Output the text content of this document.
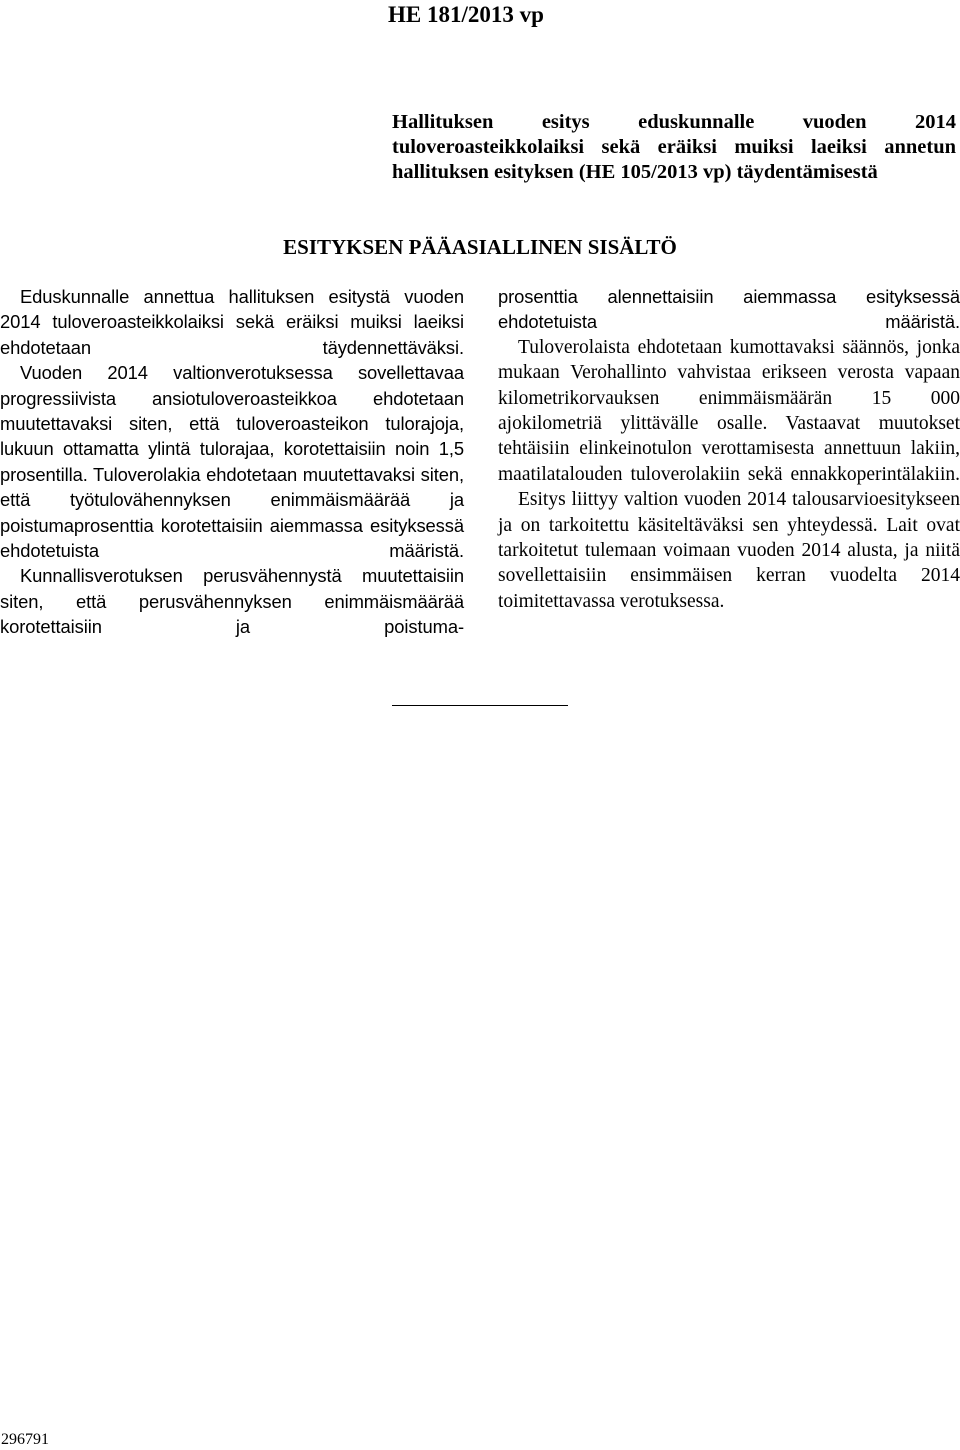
HE 181/2013 vp
Hallituksen esitys eduskunnalle vuoden 2014 tuloveroasteikkolaiksi sekä eräiksi muiksi laeiksi annetun hallituksen esityksen (HE 105/2013 vp) täydentämisestä
ESITYKSEN PÄÄASIALLINEN SISÄLTÖ

Eduskunnalle annettua hallituksen esitystä vuoden 2014 tuloveroasteikkolaiksi sekä eräiksi muiksi laeiksi ehdotetaan täydennettäväksi.

Vuoden 2014 valtionverotuksessa sovellettavaa progressiivista ansiotuloveroasteikkoa ehdotetaan muutettavaksi siten, että tuloveroasteikon tulorajoja, lukuun ottamatta ylintä tulorajaa, korotettaisiin noin 1,5 prosentilla. Tuloverolakia ehdotetaan muutettavaksi siten, että työtulovähennyksen enimmäismäärää ja poistumaprosenttia korotettaisiin aiemmassa esityksessä ehdotetuista määristä.

Kunnallisverotuksen perusvähennystä muutettaisiin siten, että perusvähennyksen enimmäismäärää korotettaisiin ja poistuma-

prosenttia alennettaisiin aiemmassa esityksessä ehdotetuista määristä.

Tuloverolaista ehdotetaan kumottavaksi säännös, jonka mukaan Verohallinto vahvistaa erikseen verosta vapaan kilometrikorvauksen enimmäismäärän 15 000 ajokilometriä ylittävälle osalle. Vastaavat muutokset tehtäisiin elinkeinotulon verottamisesta annettuun lakiin, maatilatalouden tuloverolakiin sekä ennakkoperintälakiin.

Esitys liittyy valtion vuoden 2014 talousarvioesitykseen ja on tarkoitettu käsiteltäväksi sen yhteydessä. Lait ovat tarkoitetut tulemaan voimaan vuoden 2014 alusta, ja niitä sovellettaisiin ensimmäisen kerran vuodelta 2014 toimitettavassa verotuksessa.

296791
